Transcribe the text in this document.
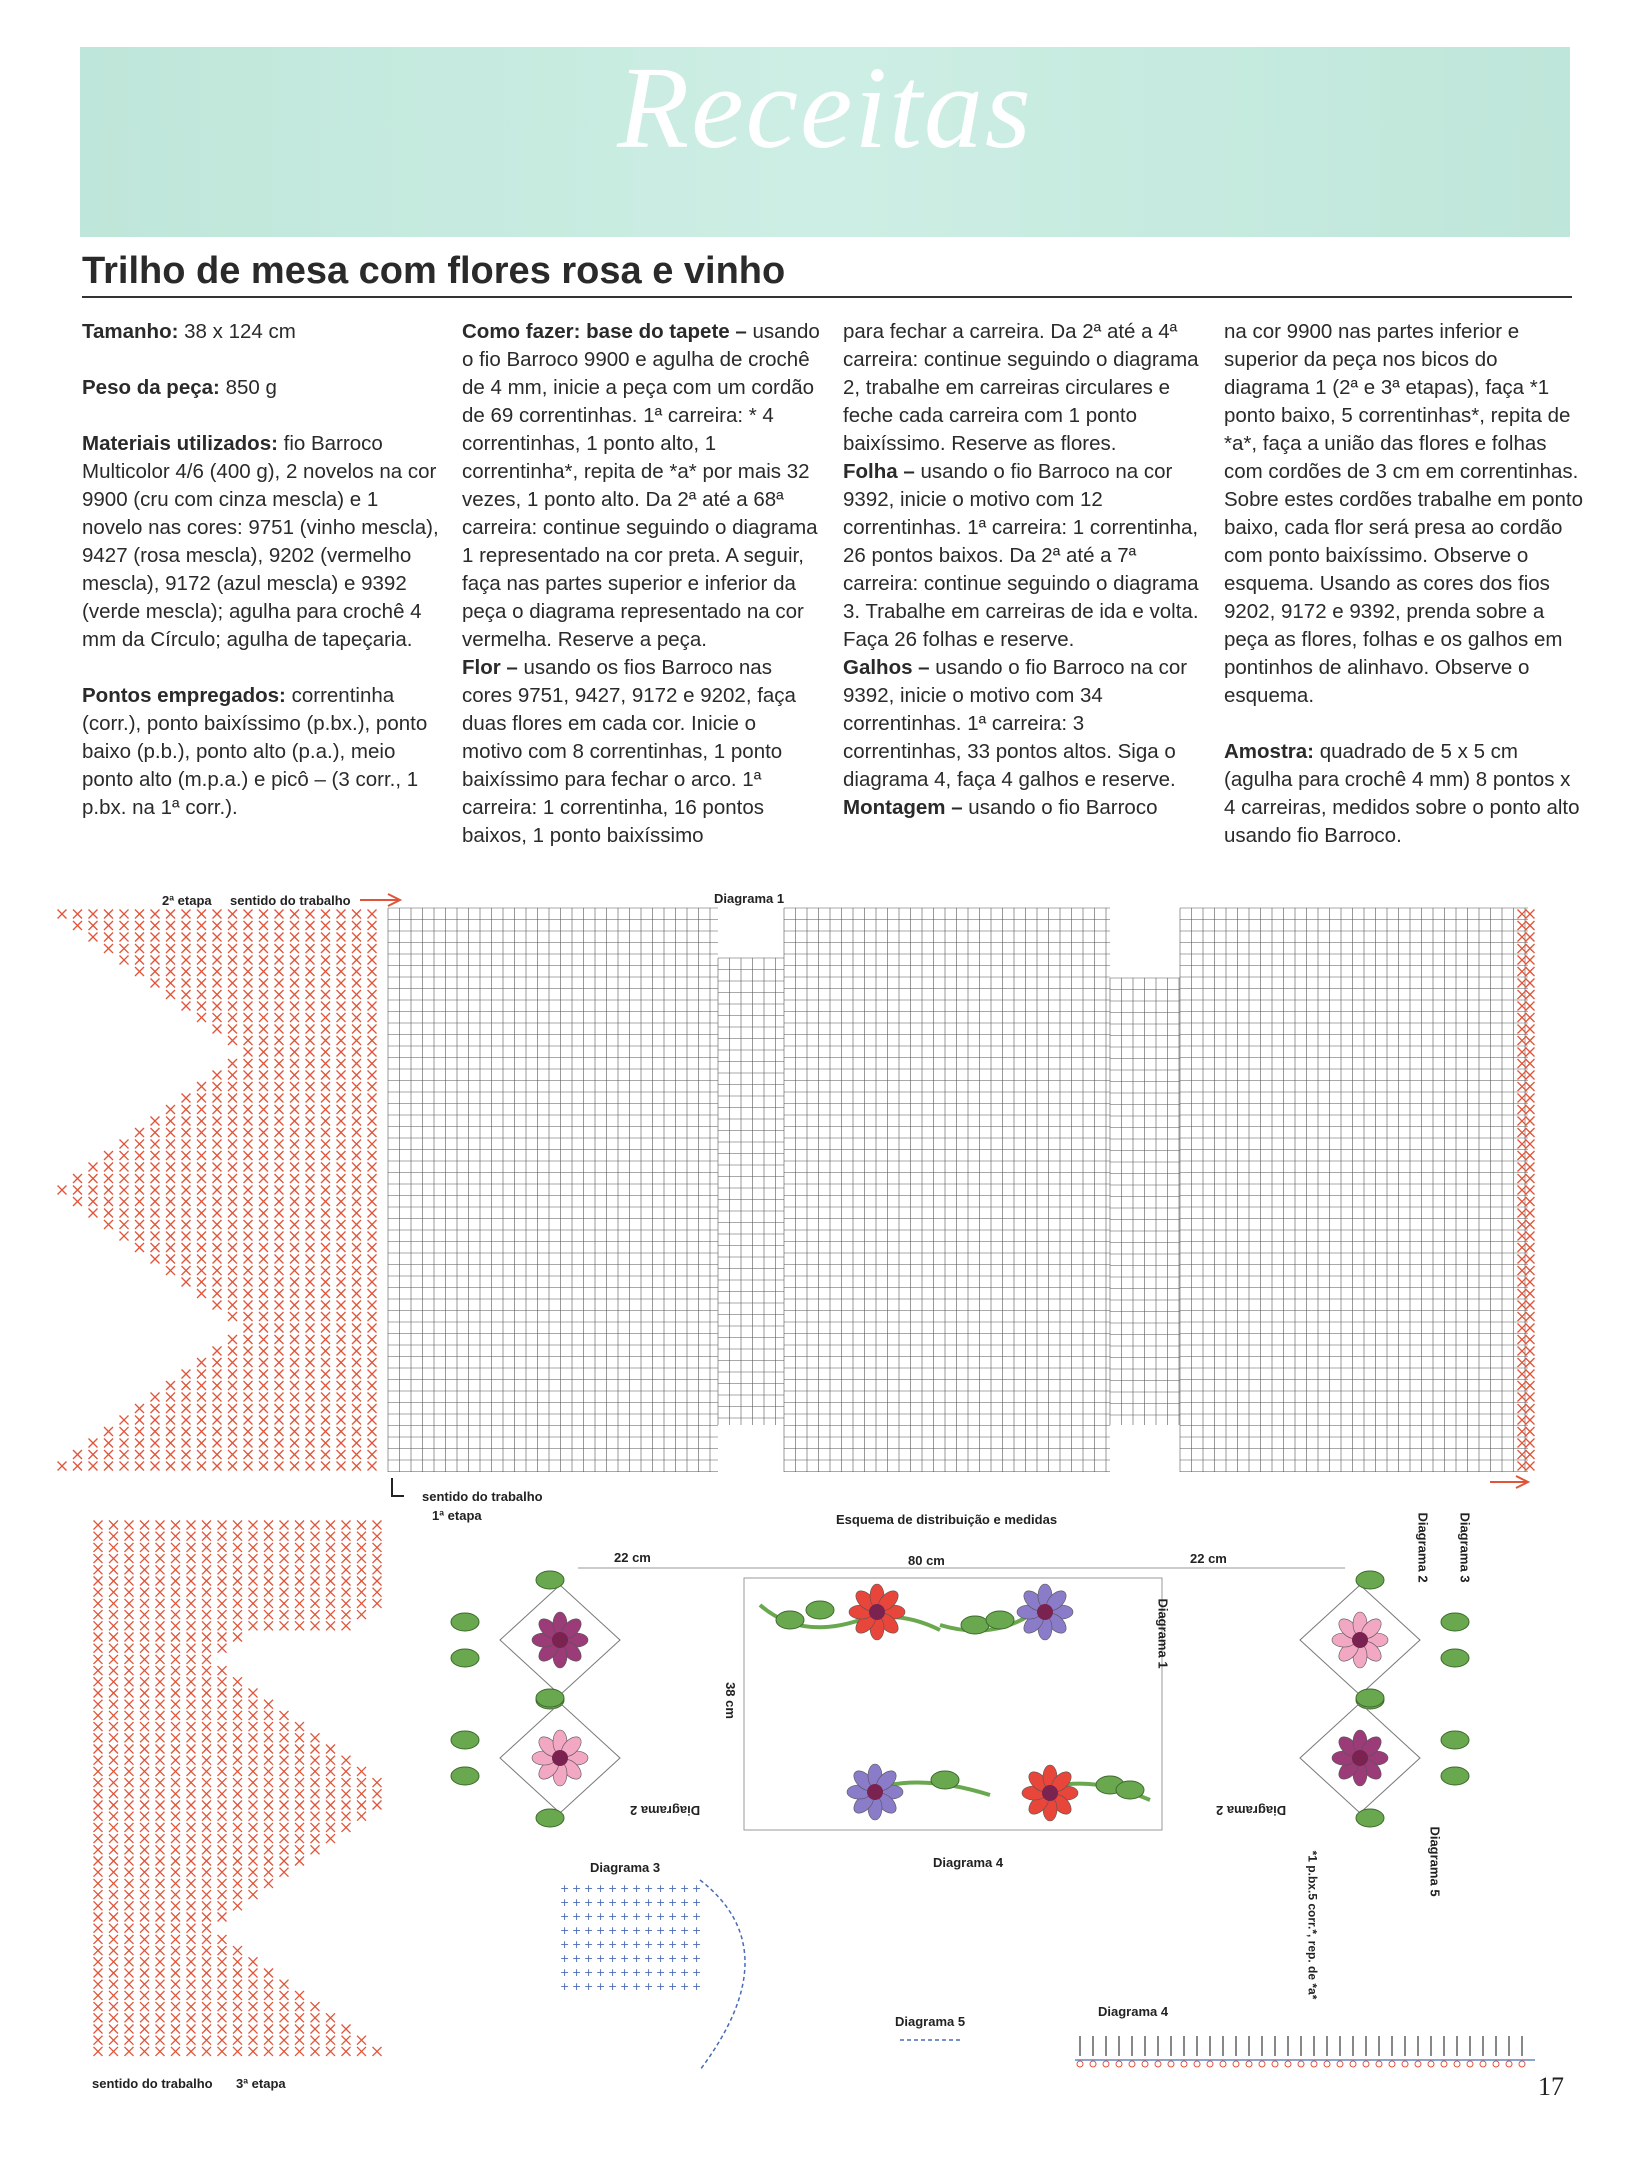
Receitas
Trilho de mesa com flores rosa e vinho

Tamanho: 38 x 124 cm

Peso da peça: 850 g

Materiais utilizados: fio Barroco Multicolor 4/6 (400 g), 2 novelos na cor 9900 (cru com cinza mescla) e 1 novelo nas cores: 9751 (vinho mescla), 9427 (rosa mescla), 9202 (vermelho mescla), 9172 (azul mescla) e 9392 (verde mescla); agulha para crochê 4 mm da Círculo; agulha de tapeçaria.

Pontos empregados: correntinha (corr.), ponto baixíssimo (p.bx.), ponto baixo (p.b.), ponto alto (p.a.), meio ponto alto (m.p.a.) e picô – (3 corr., 1 p.bx. na 1ª corr.).

Como fazer: base do tapete – usando o fio Barroco 9900 e agulha de crochê de 4 mm, inicie a peça com um cordão de 69 correntinhas. 1ª carreira: * 4 correntinhas, 1 ponto alto, 1 correntinha*, repita de *a* por mais 32 vezes, 1 ponto alto. Da 2ª até a 68ª carreira: continue seguindo o diagrama 1 representado na cor preta. A seguir, faça nas partes superior e inferior da peça o diagrama representado na cor vermelha. Reserve a peça.

Flor – usando os fios Barroco nas cores 9751, 9427, 9172 e 9202, faça duas flores em cada cor. Inicie o motivo com 8 correntinhas, 1 ponto baixíssimo para fechar o arco. 1ª carreira: 1 correntinha, 16 pontos baixos, 1 ponto baixíssimo

para fechar a carreira. Da 2ª até a 4ª carreira: continue seguindo o diagrama 2, trabalhe em carreiras circulares e feche cada carreira com 1 ponto baixíssimo. Reserve as flores.

Folha – usando o fio Barroco na cor 9392, inicie o motivo com 12 correntinhas. 1ª carreira: 1 correntinha, 26 pontos baixos. Da 2ª até a 7ª carreira: continue seguindo o diagrama 3. Trabalhe em carreiras de ida e volta. Faça 26 folhas e reserve.

Galhos – usando o fio Barroco na cor 9392, inicie o motivo com 34 correntinhas. 1ª carreira: 3 correntinhas, 33 pontos altos. Siga o diagrama 4, faça 4 galhos e reserve.

Montagem – usando o fio Barroco

na cor 9900 nas partes inferior e superior da peça nos bicos do diagrama 1 (2ª e 3ª etapas), faça *1 ponto baixo, 5 correntinhas*, repita de *a*, faça a união das flores e folhas com cordões de 3 cm em correntinhas. Sobre estes cordões trabalhe em ponto baixo, cada flor será presa ao cordão com ponto baixíssimo. Observe o esquema. Usando as cores dos fios 9202, 9172 e 9392, prenda sobre a peça as flores, folhas e os galhos em pontinhos de alinhavo. Observe o esquema.

Amostra: quadrado de 5 x 5 cm (agulha para crochê 4 mm) 8 pontos x 4 carreiras, medidos sobre o ponto alto usando fio Barroco.

2ª etapa sentido do trabalho	Diagrama 1
sentido do trabalho
1ª etapa
sentido do trabalho 3ª etapa
+ + + + + + + + + + + +
+ + + + + + + + + + + +
+ + + + + + + + + + + +
+ + + + + + + + + + + +
+ + + + + + + + + + + +
+ + + + + + + + + + + +
+ + + + + + + + + + + +
+ + + + + + + + + + + +
Esquema de distribuição e medidas
22 cm	80 cm	22 cm
38 cm
Diagrama 1
Diagrama 2	Diagrama 2
Diagrama 2 Diagrama 3
Diagrama 4	Diagrama 5
*1 p.bx.5 corr.*, rep. de *a*
Diagrama 3
Diagrama 5
Diagrama 4
17
